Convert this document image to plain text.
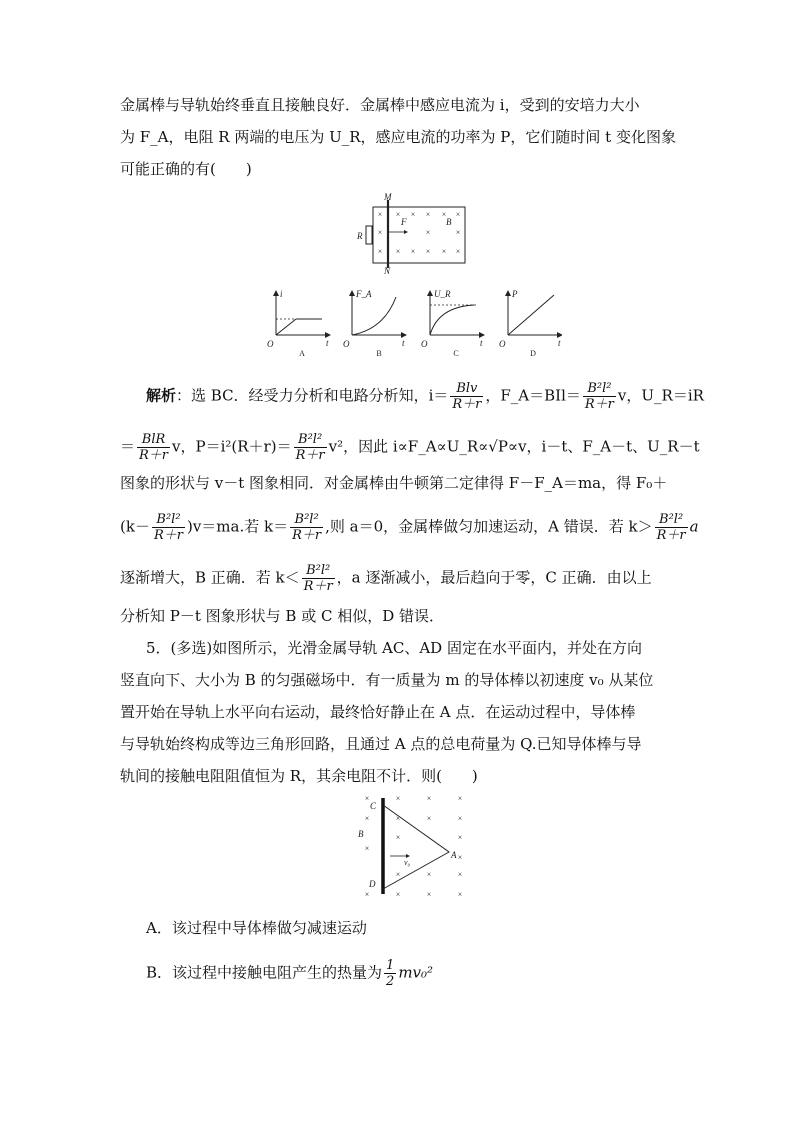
金属棒与导轨始终垂直且接触良好．金属棒中感应电流为 i，受到的安培力大小
为 F_A，电阻 R 两端的电压为 U_R，感应电流的功率为 P，它们随时间 t 变化图象
可能正确的有(　　)
M
N
R
F	B
× × × × × ×
×	×	×
× × × × × ×
i	F_A	U_R	P
t	t	t	t
O	O	O	O
A	B	C	D
解析：选 BC．经受力分析和电路分析知，$i= \frac{\text{Blv}}{R+r}$ ，F_A＝BIl＝ $\frac{\text{B²l²}}{R+r}$ v，U_R＝iR
＝ $\frac{\text{BlR}}{R+r}$ v，$P=i^2(R+r)= \frac{\text{B²l²}}{R+r} v^2$，因此 i∝F_A∝U_R∝√P∝v，i－t、F_A－t、U_R－t
图象的形状与 v－t 图象相同．对金属棒由牛顿第二定律得 F－F_A＝ma，得 F₀＋
$(k- \frac{\text{B²l²}}{R+r} )v=ma$.若 $k= \frac{\text{B²l²}}{R+r}$ ,则 a＝0，金属棒做匀加速运动，A 错误．若 $k> \frac{\text{B²l²}}{R+r}$ a
逐渐增大，B 正确．若 $k< \frac{\text{B²l²}}{R+r}$ ，a 逐渐减小，最后趋向于零，C 正确．由以上
分析知 P－t 图象形状与 B 或 C 相似，D 错误．
5．(多选)如图所示，光滑金属导轨 AC、AD 固定在水平面内，并处在方向
竖直向下、大小为 B 的匀强磁场中．有一质量为 m 的导体棒以初速度 v₀ 从某位
置开始在导轨上水平向右运动，最终恰好静止在 A 点．在运动过程中，导体棒
与导轨始终构成等边三角形回路，且通过 A 点的总电荷量为 Q.已知导体棒与导
轨间的接触电阻阻值恒为 R，其余电阻不计．则(　　)
C
B
A
D
v₀
×	×	×	×
×	×	×	×
×	×
×
×
×	×	×
×	×	×	×
A．该过程中导体棒做匀减速运动
B．该过程中接触电阻产生的热量为 $\frac{1}{2} mv_0^2$
